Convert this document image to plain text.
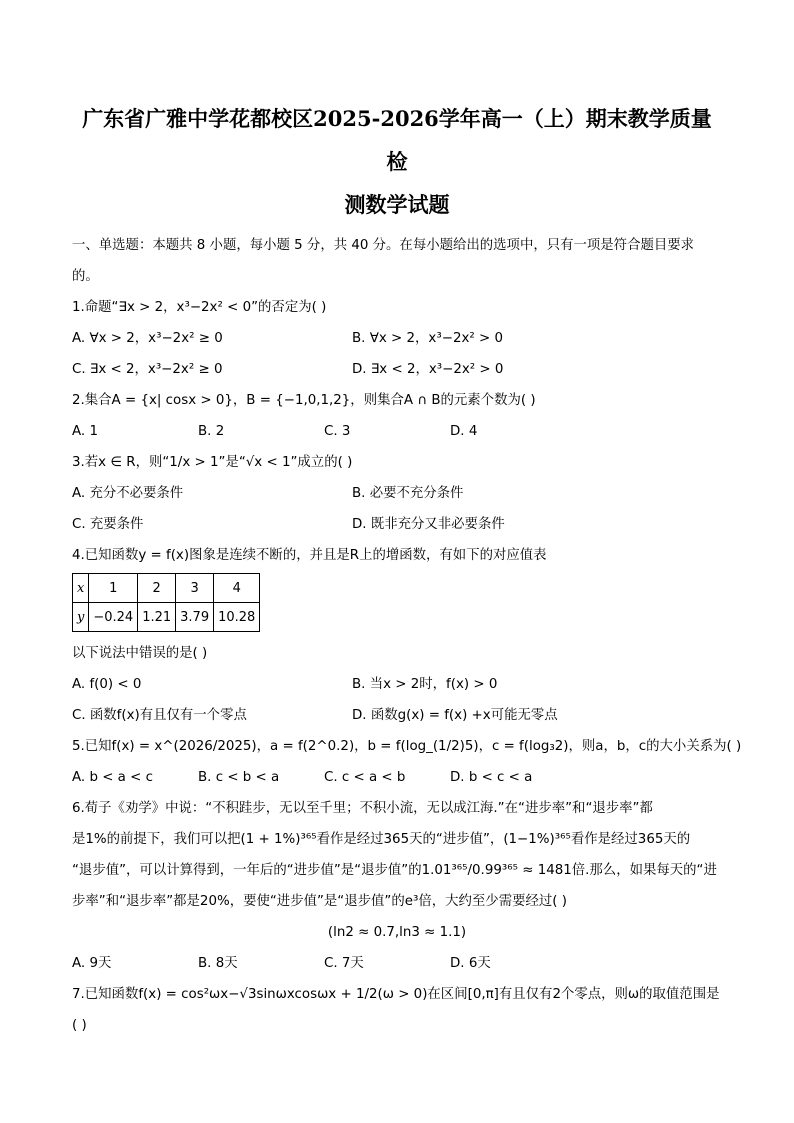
广东省广雅中学花都校区2025-2026学年高一（上）期末教学质量检

测数学试题

一、单选题：本题共 8 小题，每小题 5 分，共 40 分。在每小题给出的选项中，只有一项是符合题目要求

的。

1.命题“∃x > 2，x³−2x² < 0”的否定为( )

A. ∀x > 2，x³−2x² ≥ 0	B. ∀x > 2，x³−2x² > 0
C. ∃x < 2，x³−2x² ≥ 0	D. ∃x < 2，x³−2x² > 0

2.集合A = {x| cosx > 0}，B = {−1,0,1,2}，则集合A ∩ B的元素个数为( )

A. 1	B. 2	C. 3	D. 4

3.若x ∈ R，则“1/x > 1”是“√x < 1”成立的( )

A. 充分不必要条件	B. 必要不充分条件
C. 充要条件	D. 既非充分又非必要条件

4.已知函数y = f(x)图象是连续不断的，并且是R上的增函数，有如下的对应值表

x	1	2	3	4
y	−0.24	1.21	3.79	10.28

以下说法中错误的是( )

A. f(0) < 0	B. 当x > 2时，f(x) > 0
C. 函数f(x)有且仅有一个零点	D. 函数g(x) = f(x) +x可能无零点

5.已知f(x) = x^(2026/2025)，a = f(2^0.2)，b = f(log_(1/2)5)，c = f(log₃2)，则a，b，c的大小关系为( )

A. b < a < c	B. c < b < a	C. c < a < b	D. b < c < a

6.荀子《劝学》中说：“不积跬步，无以至千里；不积小流，无以成江海.”在“进步率”和“退步率”都

是1%的前提下，我们可以把(1 + 1%)³⁶⁵看作是经过365天的“进步值”，(1−1%)³⁶⁵看作是经过365天的

“退步值”，可以计算得到，一年后的“进步值”是“退步值”的1.01³⁶⁵/0.99³⁶⁵ ≈ 1481倍.那么，如果每天的“进

步率”和“退步率”都是20%，要使“进步值”是“退步值”的e³倍，大约至少需要经过( )

(ln2 ≈ 0.7,ln3 ≈ 1.1)

A. 9天	B. 8天	C. 7天	D. 6天

7.已知函数f(x) = cos²ωx−√3sinωxcosωx + 1/2(ω > 0)在区间[0,π]有且仅有2个零点，则ω的取值范围是

( )
